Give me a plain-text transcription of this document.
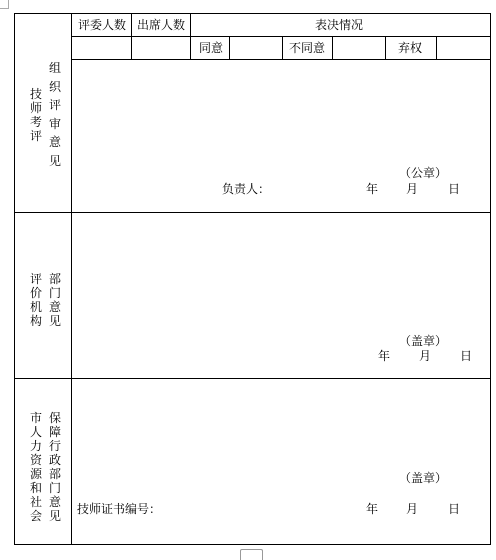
评委人数 出席人数	表决情况
同意	不同意	弃权
技师考评
组织评审意见
（公章）
负责人：	年 月 日
评价机构
部门意见
（盖章）
年 月 日
市人力资源和社会
保障行政部门意见
（盖章）
技师证书编号：	年 月 日
